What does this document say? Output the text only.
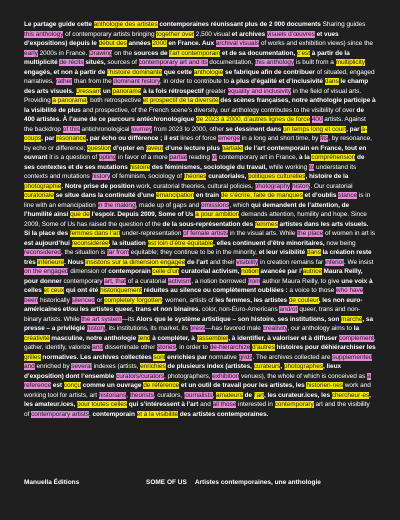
Le partage guide cette anthologie des artistes contemporaines réunissant plus de 2 000 documents Sharing guides this anthology of contemporary artists bringing together over 2,500 visual et archives visuels d’œuvres et vues d’expositions) depuis le début des années 2000 en France. Aux archival visuals of works and exhibition views) since the early 2000s in France. Drawing on the sources de l’art contemporain et de sa documentation, c’est à partir de la multiplicité de récits situés, sources of contemporary art and its documentation, this anthology is built from a multiplicity engagés, et non à partir de l’histoire dominante que cette anthologie se fabrique afin de contribuer of situated, engaged narratives, rather than from the dominant history, in order to contribute to à plus d’égalité et d’inclusivité dans le champ des arts visuels. Dressant un panorama à la fois rétrospectif greater equality and inclusivity in the field of visual arts. Providing a panorama, both retrospective et prospectif de la diversité des scènes françaises, notre anthologie participe à la visibilité de plus and prospective, of the French scene’s diversity, our anthology contributes to the visibility of over de 400 artistes. À l’aune de ce parcours antéchronologique de 2023 à 2000, d’autres lignes de force 400 artists. Against the backdrop of this antichronological journey from 2023 to 2000, other se dessinent dans un temps long et court, par à-coups, par résonance, par écho ou différence ; il est lines of force emerge in a long and short time, by fits, by resonance, by echo or difference; question d’opter en faveur d’une lecture plus partiale de l’art contemporain en France, tout en ouvrant it is a question of opting in favor of a more partial reading of contemporary art in France, à la compréhension de ses contextes et de ses mutations histoire des féminismes, sociologie du travail, while working to understand its contexts and mutations history of feminism, sociology of théories curatoriales, politiques culturelles, histoire de la photographie. Notre prise de position work, curatorial theories, cultural policies, photography history. Our curatorial curatoriale se situe dans la continuité d’une émancipation en train de s’écrire, faite de manques et d’oublis stance is in line with an emancipation in the making, made up of gaps and omissions, which qui demandent de l’attention, de l’humilité ainsi que de l’espoir. Depuis 2009, Some of Us a pour ambition demands attention, humility and hope. Since 2009, Some of Us has raised the question of the de la sous-représentation des femmes artistes dans les arts visuels. Si la place des femmes dans l’art under-representation of female artists in the visual arts. While the place of women in art is est aujourd’hui reconsidérée, la situation est loin d’être équitable, elles continuent d’être minoritaires, now being reconsidered, the situation is far from equitable; they continue to be in the minority, et leur visibilité dans la création reste très inférieure. Nous insistons sur la dimension engagée de l’art and their visibility in creation remains far inferior. We insist on the engaged dimension of contemporain celle d’un curatorial activism, notion avancée par l’autrice Maura Reilly, pour donner contemporary art, that of a curatorial activism, a notion borrowed from author Maura Reilly, to give une voix à celles et ceux qui ont été historiquement réduites au silence ou complètement oubliées : a voice to those who have been historically silenced or completely forgotten: women, artists of les femmes, les artistes de couleur, les non euro-américaines et/ou les artistes queer, trans et non binaires. color, non-Euro-Americans and/or queer, trans and non-binary artists. While the art system—its Alors que le système artistique – son histoire, ses institutions, son marché, sa presse – a privilégié history, its institutions, its market, its press—has favored male creativity, our anthology aims to la créativité masculine, notre anthologie tend à compléter, à rassembler, à identifier, à valoriser et à diffuser complement, gather, identify, valorize and disseminate other stories, in order to de-hierarchize d’autres histoires pour déhiérarchiser les grilles normatives. Les archives collectées sont enrichies par normative grids. The archives collected are supplemented and enriched by several indexes (artists, enrichies de plusieurs index (artistes, curateurs, photographes, lieux d’exposition) dont l’ensemble curators/curators, photographers, exhibition venues), the whole of which is conceived as a reference est conçu comme un ouvrage de référence et un outil de travail pour les artistes, les historien·nes work and working tool for artists, art historians, theorists, curators, journalists, amateurs de l’art, les curateur.ices, les chercheur·es, les amateur.ices, pour toutes celles qui s’intéressent à l’art and all those interested in contemporary art and the visibility of contemporary artists. contemporain et à la visibilité des artistes contemporaines.
Manuella Éditions	SOME OF US Artistes contemporaines, une anthologie
